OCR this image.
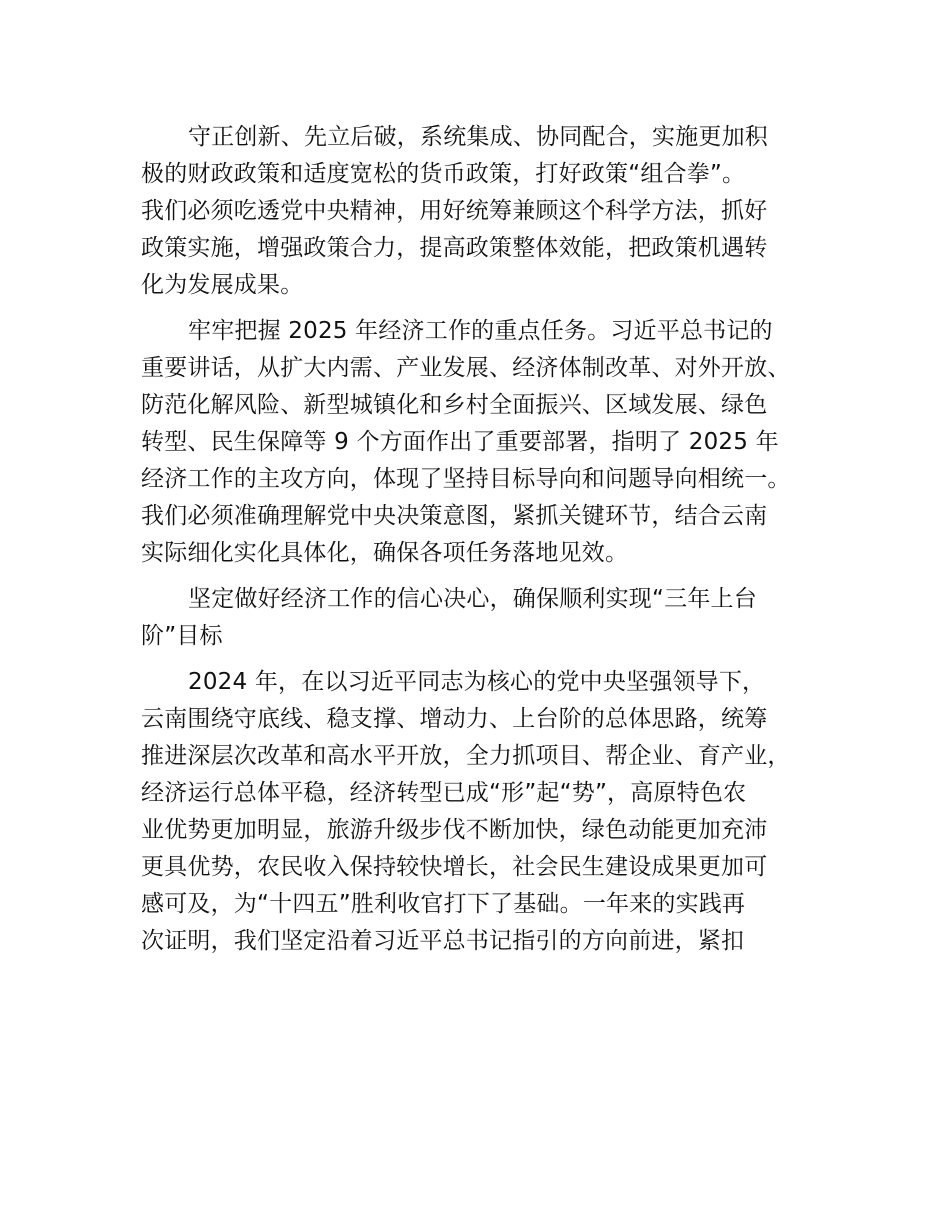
守正创新、先立后破，系统集成、协同配合，实施更加积
极的财政政策和适度宽松的货币政策，打好政策“组合拳”。
我们必须吃透党中央精神，用好统筹兼顾这个科学方法，抓好
政策实施，增强政策合力，提高政策整体效能，把政策机遇转
化为发展成果。
牢牢把握 2025 年经济工作的重点任务。习近平总书记的
重要讲话，从扩大内需、产业发展、经济体制改革、对外开放、
防范化解风险、新型城镇化和乡村全面振兴、区域发展、绿色
转型、民生保障等 9 个方面作出了重要部署，指明了 2025 年
经济工作的主攻方向，体现了坚持目标导向和问题导向相统一。
我们必须准确理解党中央决策意图，紧抓关键环节，结合云南
实际细化实化具体化，确保各项任务落地见效。
坚定做好经济工作的信心决心，确保顺利实现“三年上台
阶”目标
2024 年，在以习近平同志为核心的党中央坚强领导下，
云南围绕守底线、稳支撑、增动力、上台阶的总体思路，统筹
推进深层次改革和高水平开放，全力抓项目、帮企业、育产业，
经济运行总体平稳，经济转型已成“形”起“势”，高原特色农
业优势更加明显，旅游升级步伐不断加快，绿色动能更加充沛
更具优势，农民收入保持较快增长，社会民生建设成果更加可
感可及，为“十四五”胜利收官打下了基础。一年来的实践再
次证明，我们坚定沿着习近平总书记指引的方向前进，紧扣
